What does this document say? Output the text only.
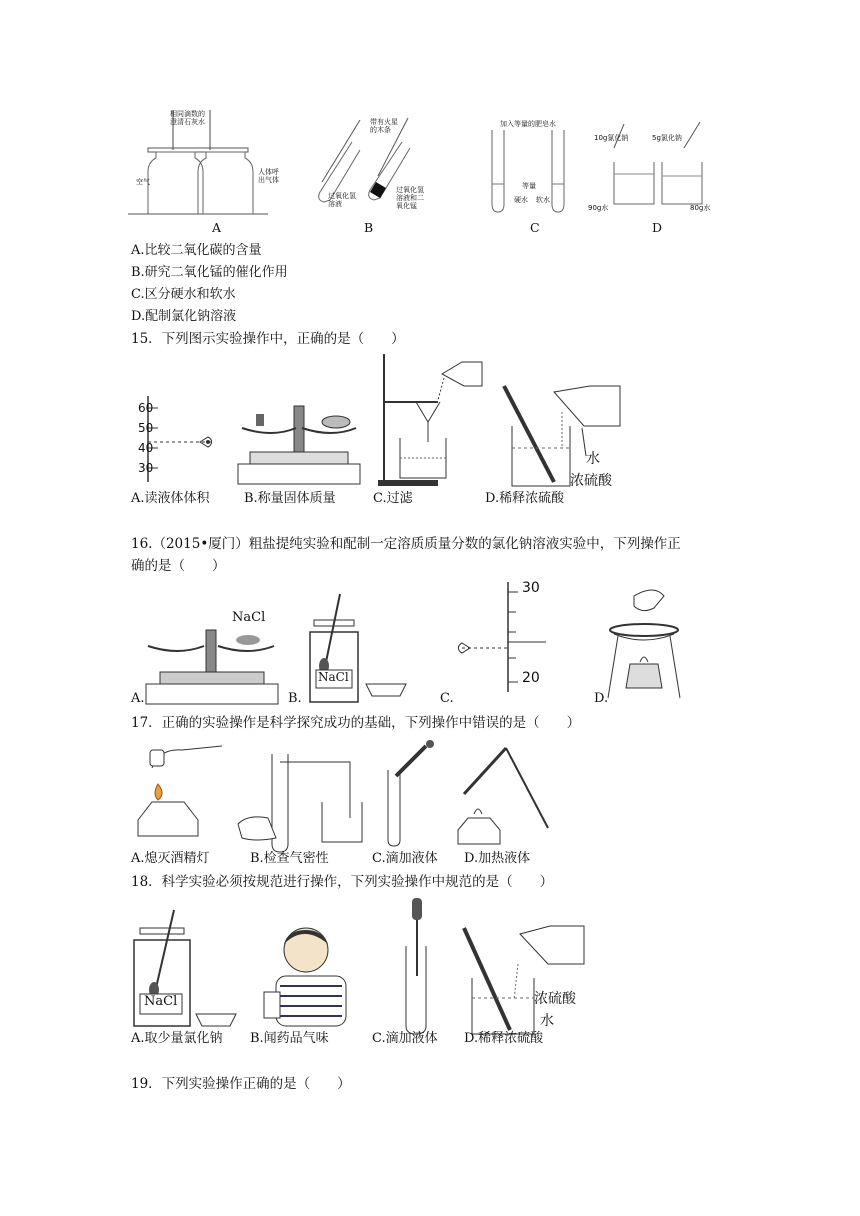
相同滴数的澄清石灰水
空气
人体呼出气体
带有火星的木条
过氧化氢溶液
过氧化氢溶液和二氧化锰
加入等量的肥皂水
等量
硬水 软水
10g氯化钠	5g氯化钠
90g水	80g水
A	B	C	D
A.比较二氧化碳的含量
B.研究二氧化锰的催化作用
C.区分硬水和软水
D.配制氯化钠溶液
15．下列图示实验操作中，正确的是（　　）
60
50
40
30
水
浓硫酸
A.读液体体积	B.称量固体质量	C.过滤	D.稀释浓硫酸
16.（2015•厦门）粗盐提纯实验和配制一定溶质质量分数的氯化钠溶液实验中，下列操作正
确的是（　　）
NaCl
NaCl
30
20
A.	B.	C.	D.
17．正确的实验操作是科学探究成功的基础，下列操作中错误的是（　　）
A.熄灭酒精灯	B.检查气密性	C.滴加液体 D.加热液体
18．科学实验必须按规范进行操作，下列实验操作中规范的是（　　）
NaCl	浓硫酸
水
A.取少量氯化钠 B.闻药品气味	C.滴加液体 D.稀释浓硫酸
19．下列实验操作正确的是（　　）
